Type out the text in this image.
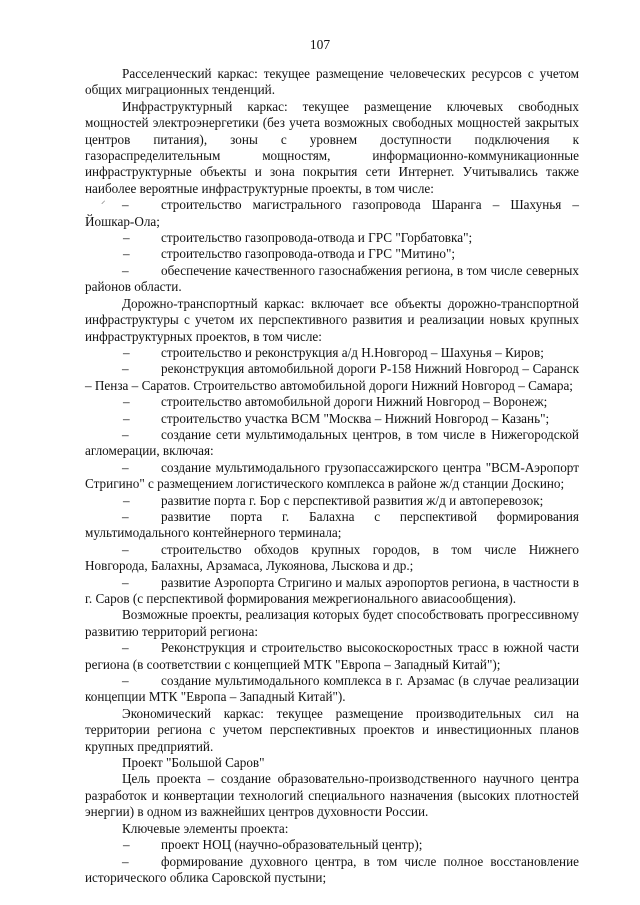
107

Расселенческий каркас: текущее размещение человеческих ресурсов с учетом общих миграционных тенденций.

Инфраструктурный каркас: текущее размещение ключевых свободных мощностей электроэнергетики (без учета возможных свободных мощностей закрытых центров питания), зоны с уровнем доступности подключения к газораспределительным мощностям, информационно-коммуникационные инфраструктурные объекты и зона покрытия сети Интернет. Учитывались также наиболее вероятные инфраструктурные проекты, в том числе:

– строительство магистрального газопровода Шаранга – Шахунья – Йошкар-Ола;

– строительство газопровода-отвода и ГРС "Горбатовка";

– строительство газопровода-отвода и ГРС "Митино";

– обеспечение качественного газоснабжения региона, в том числе северных районов области.

Дорожно-транспортный каркас: включает все объекты дорожно-транспортной инфраструктуры с учетом их перспективного развития и реализации новых крупных инфраструктурных проектов, в том числе:

– строительство и реконструкция а/д Н.Новгород – Шахунья – Киров;

– реконструкция автомобильной дороги Р-158 Нижний Новгород – Саранск – Пенза – Саратов. Строительство автомобильной дороги Нижний Новгород – Самара;

– строительство автомобильной дороги Нижний Новгород – Воронеж;

– строительство участка ВСМ "Москва – Нижний Новгород – Казань";

– создание сети мультимодальных центров, в том числе в Нижегородской агломерации, включая:

– создание мультимодального грузопассажирского центра "ВСМ-Аэропорт Стригино" с размещением логистического комплекса в районе ж/д станции Доскино;

– развитие порта г. Бор с перспективой развития ж/д и автоперевозок;

– развитие порта г. Балахна с перспективой формирования мультимодального контейнерного терминала;

– строительство обходов крупных городов, в том числе Нижнего Новгорода, Балахны, Арзамаса, Лукоянова, Лыскова и др.;

– развитие Аэропорта Стригино и малых аэропортов региона, в частности в г. Саров (с перспективой формирования межрегионального авиасообщения).

Возможные проекты, реализация которых будет способствовать прогрессивному развитию территорий региона:

– Реконструкция и строительство высокоскоростных трасс в южной части региона (в соответствии с концепцией МТК "Европа – Западный Китай");

– создание мультимодального комплекса в г. Арзамас (в случае реализации концепции МТК "Европа – Западный Китай").

Экономический каркас: текущее размещение производительных сил на территории региона с учетом перспективных проектов и инвестиционных планов крупных предприятий.

Проект "Большой Саров"

Цель проекта – создание образовательно-производственного научного центра разработок и конвертации технологий специального назначения (высоких плотностей энергии) в одном из важнейших центров духовности России.

Ключевые элементы проекта:

– проект НОЦ (научно-образовательный центр);

– формирование духовного центра, в том числе полное восстановление исторического облика Саровской пустыни;

⸍
